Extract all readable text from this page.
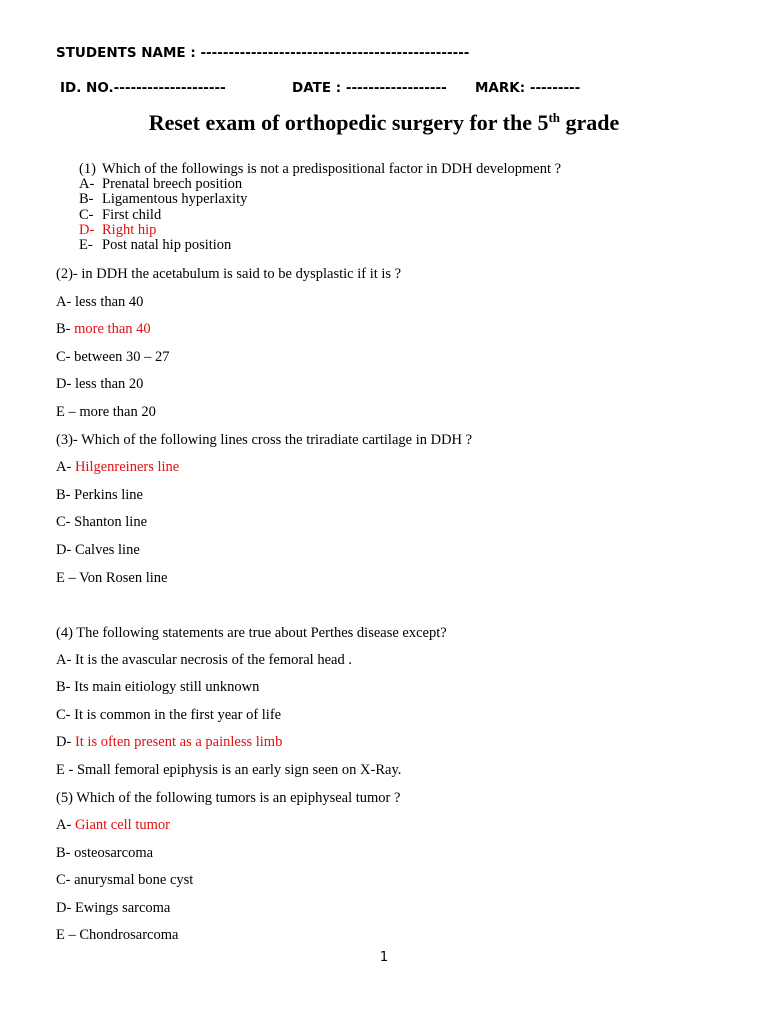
STUDENTS NAME : ------------------------------------------------
ID. NO.--------------------	DATE : ------------------ MARK: ---------
Reset exam of orthopedic surgery for the 5th grade
(1) Which of the followings is not a predispositional factor in DDH development ?
A- Prenatal breech position
B- Ligamentous hyperlaxity
C- First child
D- Right hip
E- Post natal hip position
(2)- in DDH the acetabulum is said to be dysplastic if it is ?
A- less than 40
B- more than 40
C- between 30 – 27
D- less than 20
E – more than 20
(3)- Which of the following lines cross the triradiate cartilage in DDH ?
A- Hilgenreiners line
B- Perkins line
C- Shanton line
D- Calves line
E – Von Rosen line
(4) The following statements are true about Perthes disease except?
A- It is the avascular necrosis of the femoral head .
B- Its main eitiology still unknown
C- It is common in the first year of life
D- It is often present as a painless limb
E - Small femoral epiphysis is an early sign seen on X-Ray.
(5) Which of the following tumors is an epiphyseal tumor ?
A- Giant cell tumor
B- osteosarcoma
C- anurysmal bone cyst
D- Ewings sarcoma
E – Chondrosarcoma
1
